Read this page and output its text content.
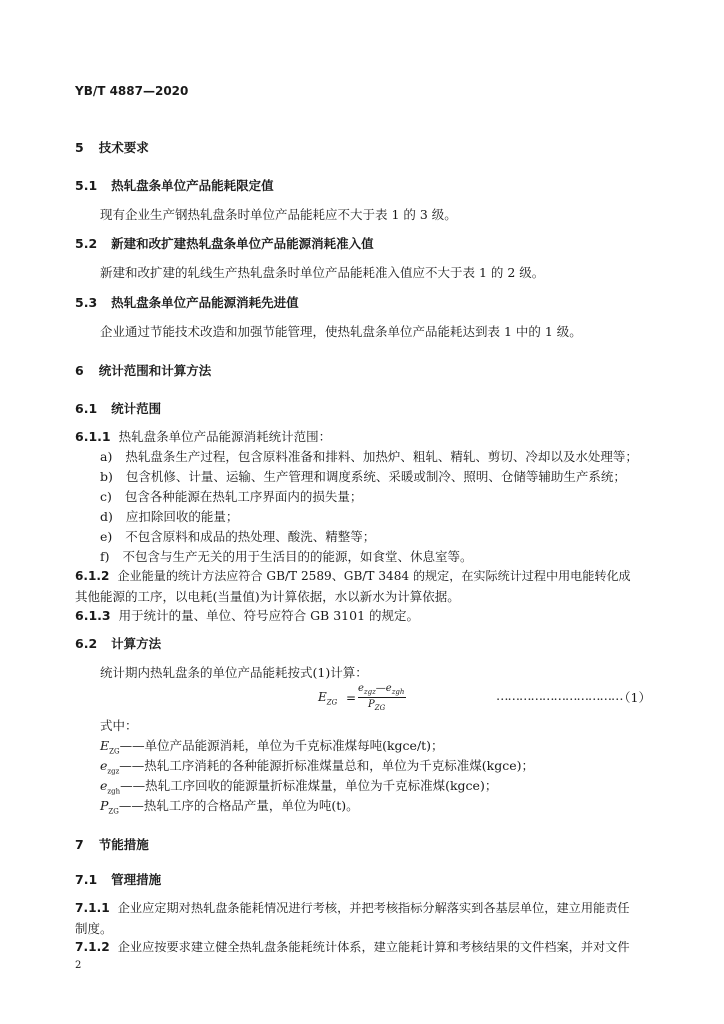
YB/T 4887—2020
5 技术要求
5.1 热轧盘条单位产品能耗限定值
现有企业生产钢热轧盘条时单位产品能耗应不大于表 1 的 3 级。
5.2 新建和改扩建热轧盘条单位产品能源消耗准入值
新建和改扩建的轧线生产热轧盘条时单位产品能耗准入值应不大于表 1 的 2 级。
5.3 热轧盘条单位产品能源消耗先进值
企业通过节能技术改造和加强节能管理，使热轧盘条单位产品能耗达到表 1 中的 1 级。
6 统计范围和计算方法
6.1 统计范围
6.1.1 热轧盘条单位产品能源消耗统计范围：
a) 热轧盘条生产过程，包含原料准备和排料、加热炉、粗轧、精轧、剪切、冷却以及水处理等；
b) 包含机修、计量、运输、生产管理和调度系统、采暖或制冷、照明、仓储等辅助生产系统；
c) 包含各种能源在热轧工序界面内的损失量；
d) 应扣除回收的能量；
e) 不包含原料和成品的热处理、酸洗、精整等；
f) 不包含与生产无关的用于生活目的的能源，如食堂、休息室等。
6.1.2 企业能量的统计方法应符合 GB/T 2589、GB/T 3484 的规定，在实际统计过程中用电能转化成
其他能源的工序，以电耗(当量值)为计算依据，水以新水为计算依据。
6.1.3 用于统计的量、单位、符号应符合 GB 3101 的规定。
6.2 计算方法
统计期内热轧盘条的单位产品能耗按式(1)计算：
$E_{ZG}$ =
$e_{zgz}—e_{zgh}$
$P_{ZG}$
……………………………
（1）
式中：
$E_{ZG}——$单位产品能源消耗，单位为千克标准煤每吨(kgce/t)；
$e_{zgz}——$热轧工序消耗的各种能源折标准煤量总和，单位为千克标准煤(kgce)；
$e_{zgh}——$热轧工序回收的能源量折标准煤量，单位为千克标准煤(kgce)；
$P_{ZG}——$热轧工序的合格品产量，单位为吨(t)。
7 节能措施
7.1 管理措施
7.1.1 企业应定期对热轧盘条能耗情况进行考核，并把考核指标分解落实到各基层单位，建立用能责任
制度。
7.1.2 企业应按要求建立健全热轧盘条能耗统计体系，建立能耗计算和考核结果的文件档案，并对文件
2
